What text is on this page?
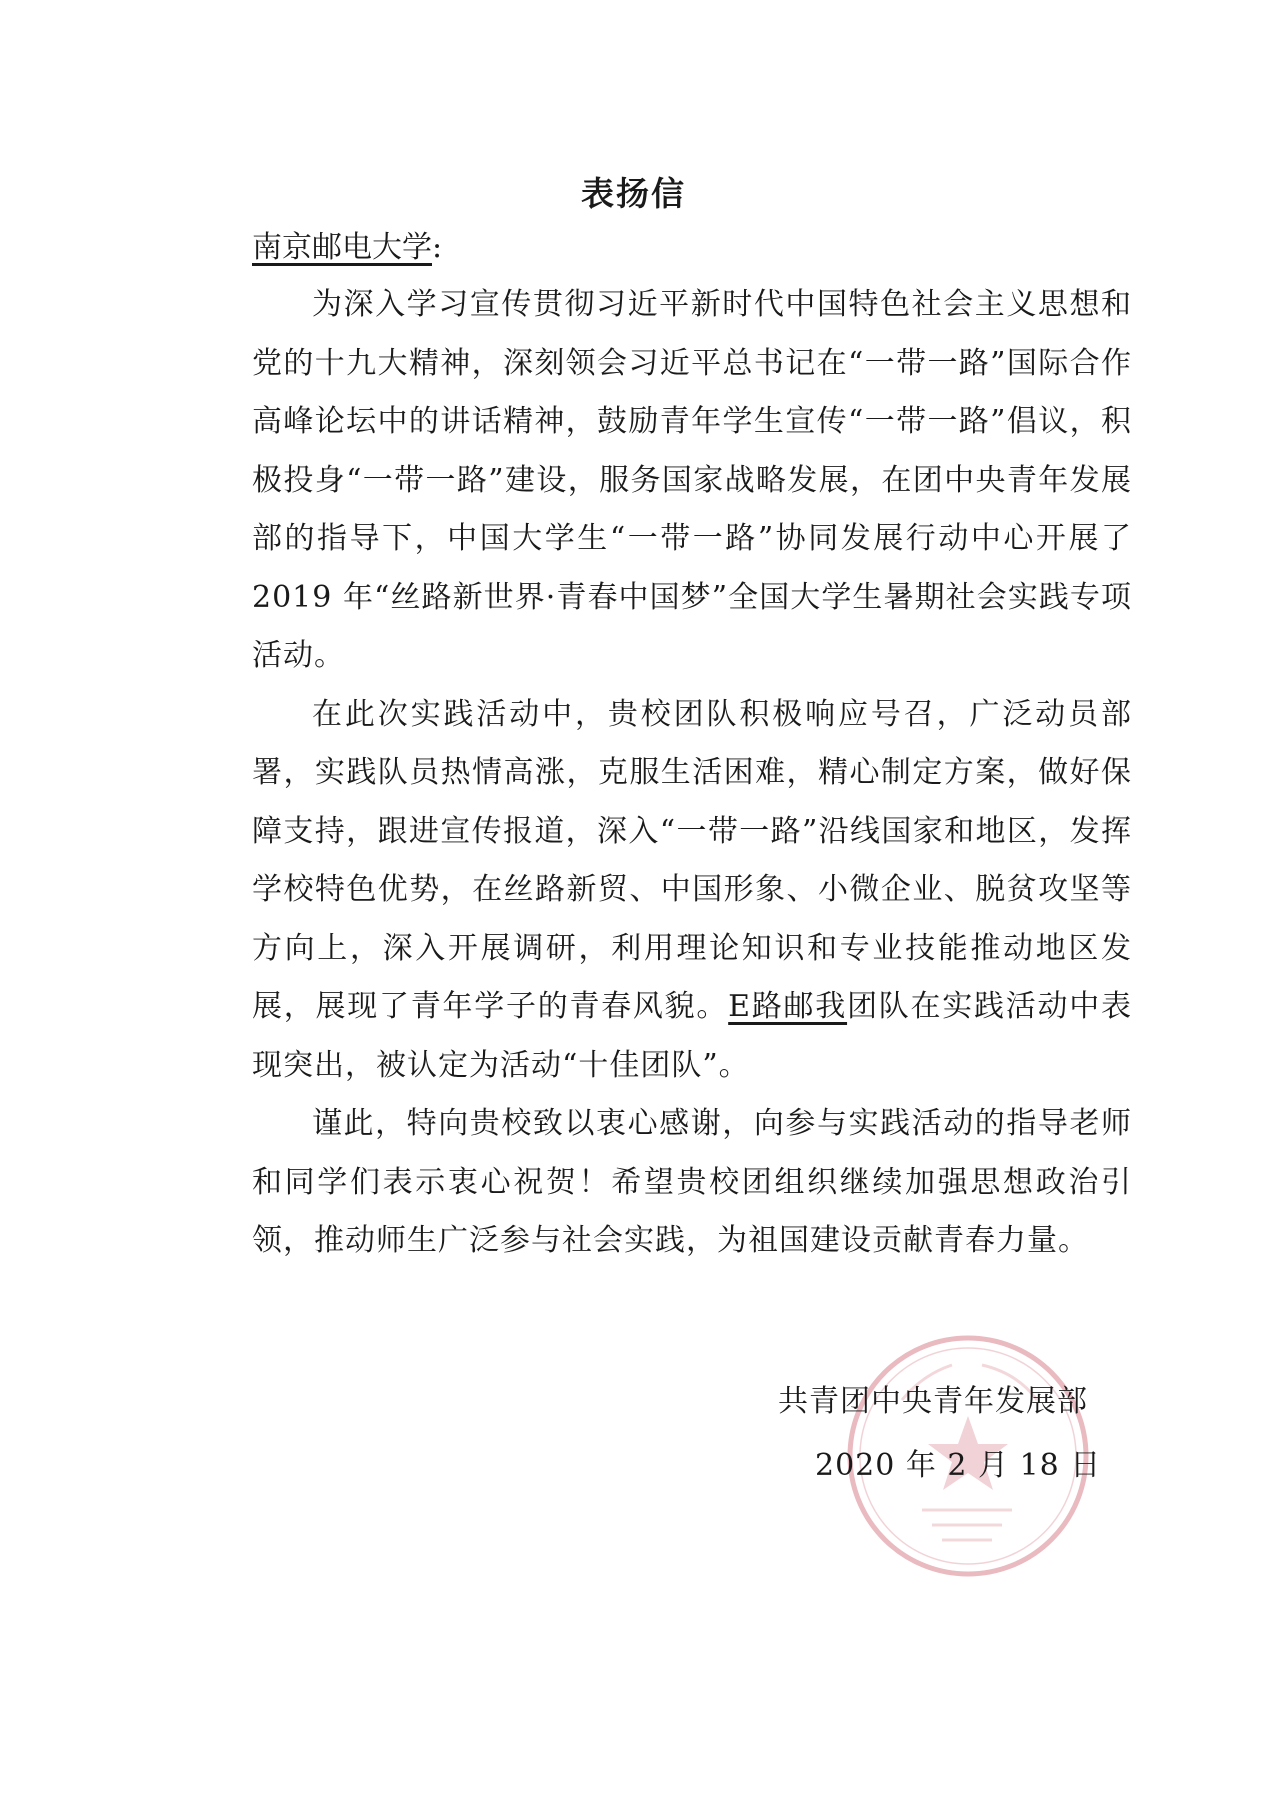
表扬信
南京邮电大学:

为深入学习宣传贯彻习近平新时代中国特色社会主义思想和党的十九大精神，深刻领会习近平总书记在“一带一路”国际合作高峰论坛中的讲话精神，鼓励青年学生宣传“一带一路”倡议，积极投身“一带一路”建设，服务国家战略发展，在团中央青年发展部的指导下，中国大学生“一带一路”协同发展行动中心开展了 2019 年“丝路新世界·青春中国梦”全国大学生暑期社会实践专项活动。

在此次实践活动中，贵校团队积极响应号召，广泛动员部署，实践队员热情高涨，克服生活困难，精心制定方案，做好保障支持，跟进宣传报道，深入“一带一路”沿线国家和地区，发挥学校特色优势，在丝路新贸、中国形象、小微企业、脱贫攻坚等方向上，深入开展调研，利用理论知识和专业技能推动地区发展，展现了青年学子的青春风貌。E路邮我团队在实践活动中表现突出，被认定为活动“十佳团队”。

谨此，特向贵校致以衷心感谢，向参与实践活动的指导老师和同学们表示衷心祝贺！希望贵校团组织继续加强思想政治引领，推动师生广泛参与社会实践，为祖国建设贡献青春力量。

共青团中央青年发展部
2020 年 2 月 18 日
